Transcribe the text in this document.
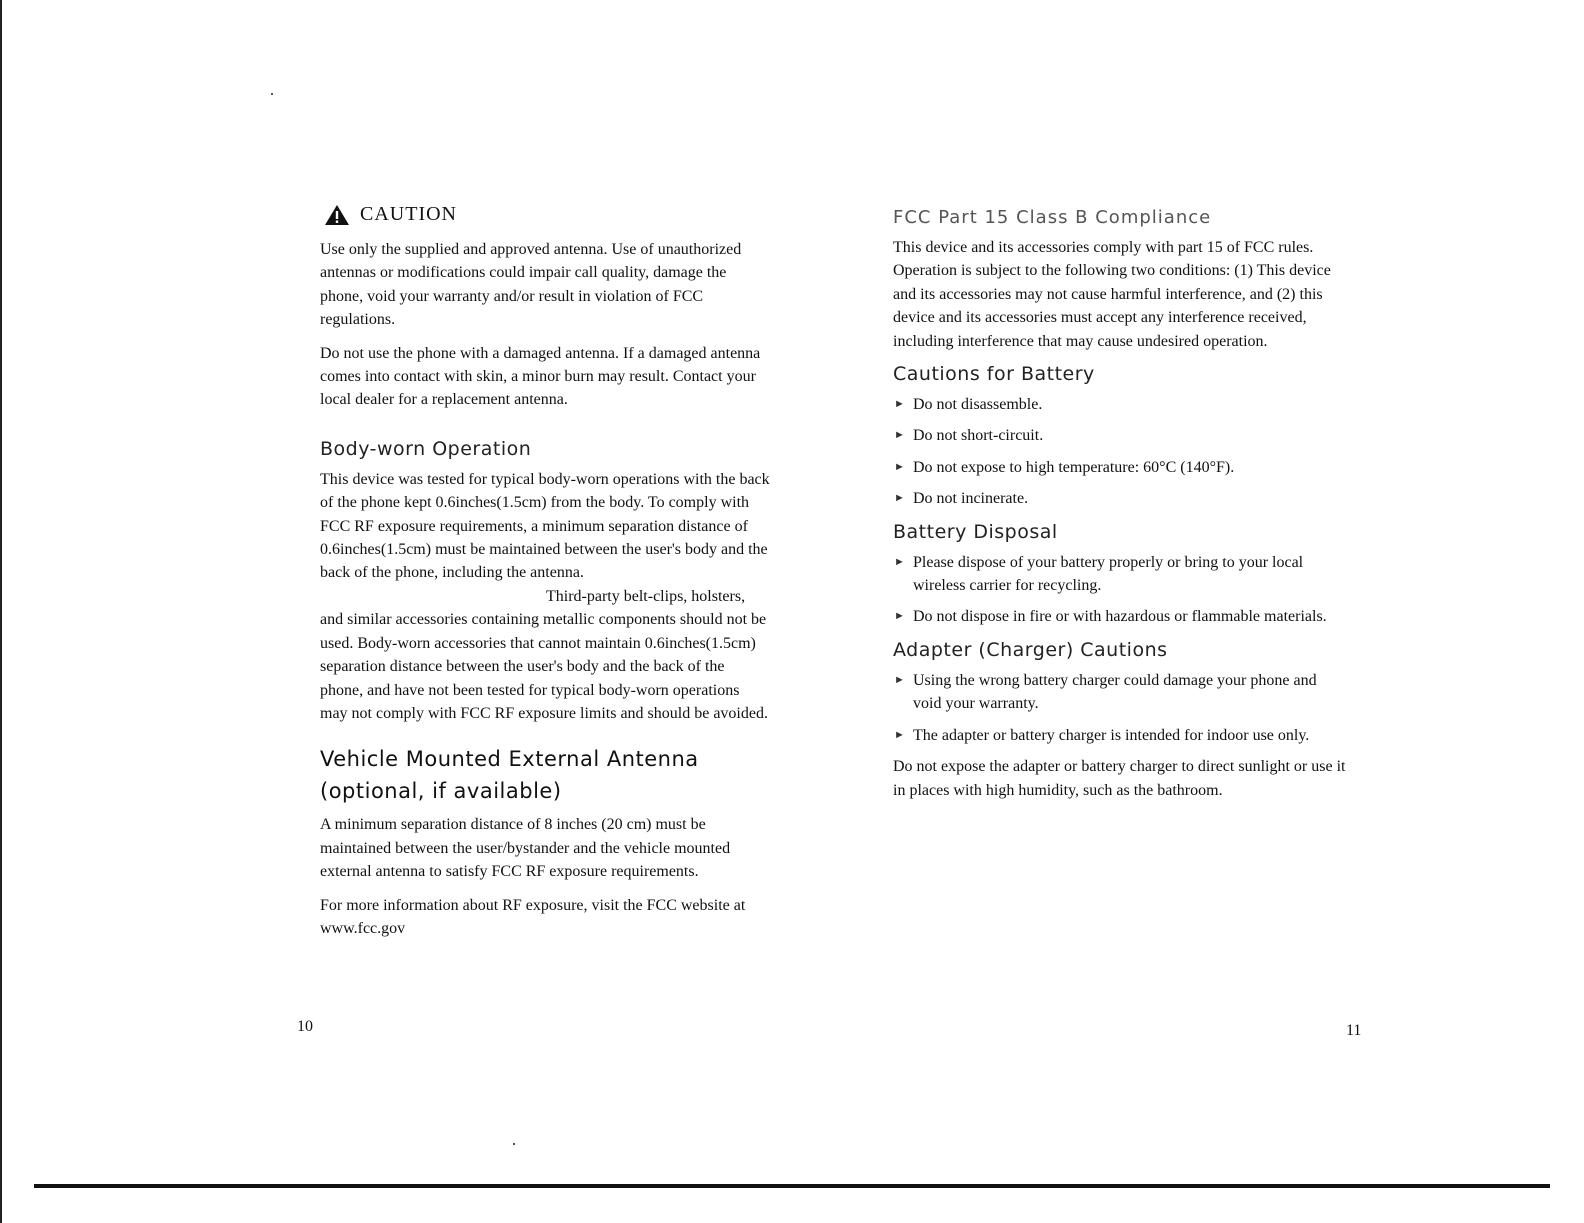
CAUTION

Use only the supplied and approved antenna. Use of unauthorized antennas or modifications could impair call quality, damage the phone, void your warranty and/or result in violation of FCC regulations.

Do not use the phone with a damaged antenna. If a damaged antenna comes into contact with skin, a minor burn may result. Contact your local dealer for a replacement antenna.

Body-worn Operation

This device was tested for typical body-worn operations with the back of the phone kept 0.6inches(1.5cm) from the body. To comply with FCC RF exposure requirements, a minimum separation distance of 0.6inches(1.5cm) must be maintained between the user's body and the back of the phone, including the antenna.Third-party belt-clips, holsters, and similar accessories containing metallic components should not be used. Body-worn accessories that cannot maintain 0.6inches(1.5cm) separation distance between the user's body and the back of the phone, and have not been tested for typical body-worn operations may not comply with FCC RF exposure limits and should be avoided.

Vehicle Mounted External Antenna (optional, if available)

A minimum separation distance of 8 inches (20 cm) must be maintained between the user/bystander and the vehicle mounted external antenna to satisfy FCC RF exposure requirements.

For more information about RF exposure, visit the FCC website at www.fcc.gov

FCC Part 15 Class B Compliance

This device and its accessories comply with part 15 of FCC rules. Operation is subject to the following two conditions: (1) This device and its accessories may not cause harmful interference, and (2) this device and its accessories must accept any interference received, including interference that may cause undesired operation.

Cautions for Battery
► Do not disassemble.
► Do not short-circuit.
► Do not expose to high temperature: 60°C (140°F).
► Do not incinerate.
Battery Disposal
► Please dispose of your battery properly or bring to your local wireless carrier for recycling.
► Do not dispose in fire or with hazardous or flammable materials.
Adapter (Charger) Cautions
► Using the wrong battery charger could damage your phone and void your warranty.
► The adapter or battery charger is intended for indoor use only.

Do not expose the adapter or battery charger to direct sunlight or use it in places with high humidity, such as the bathroom.

10	11
